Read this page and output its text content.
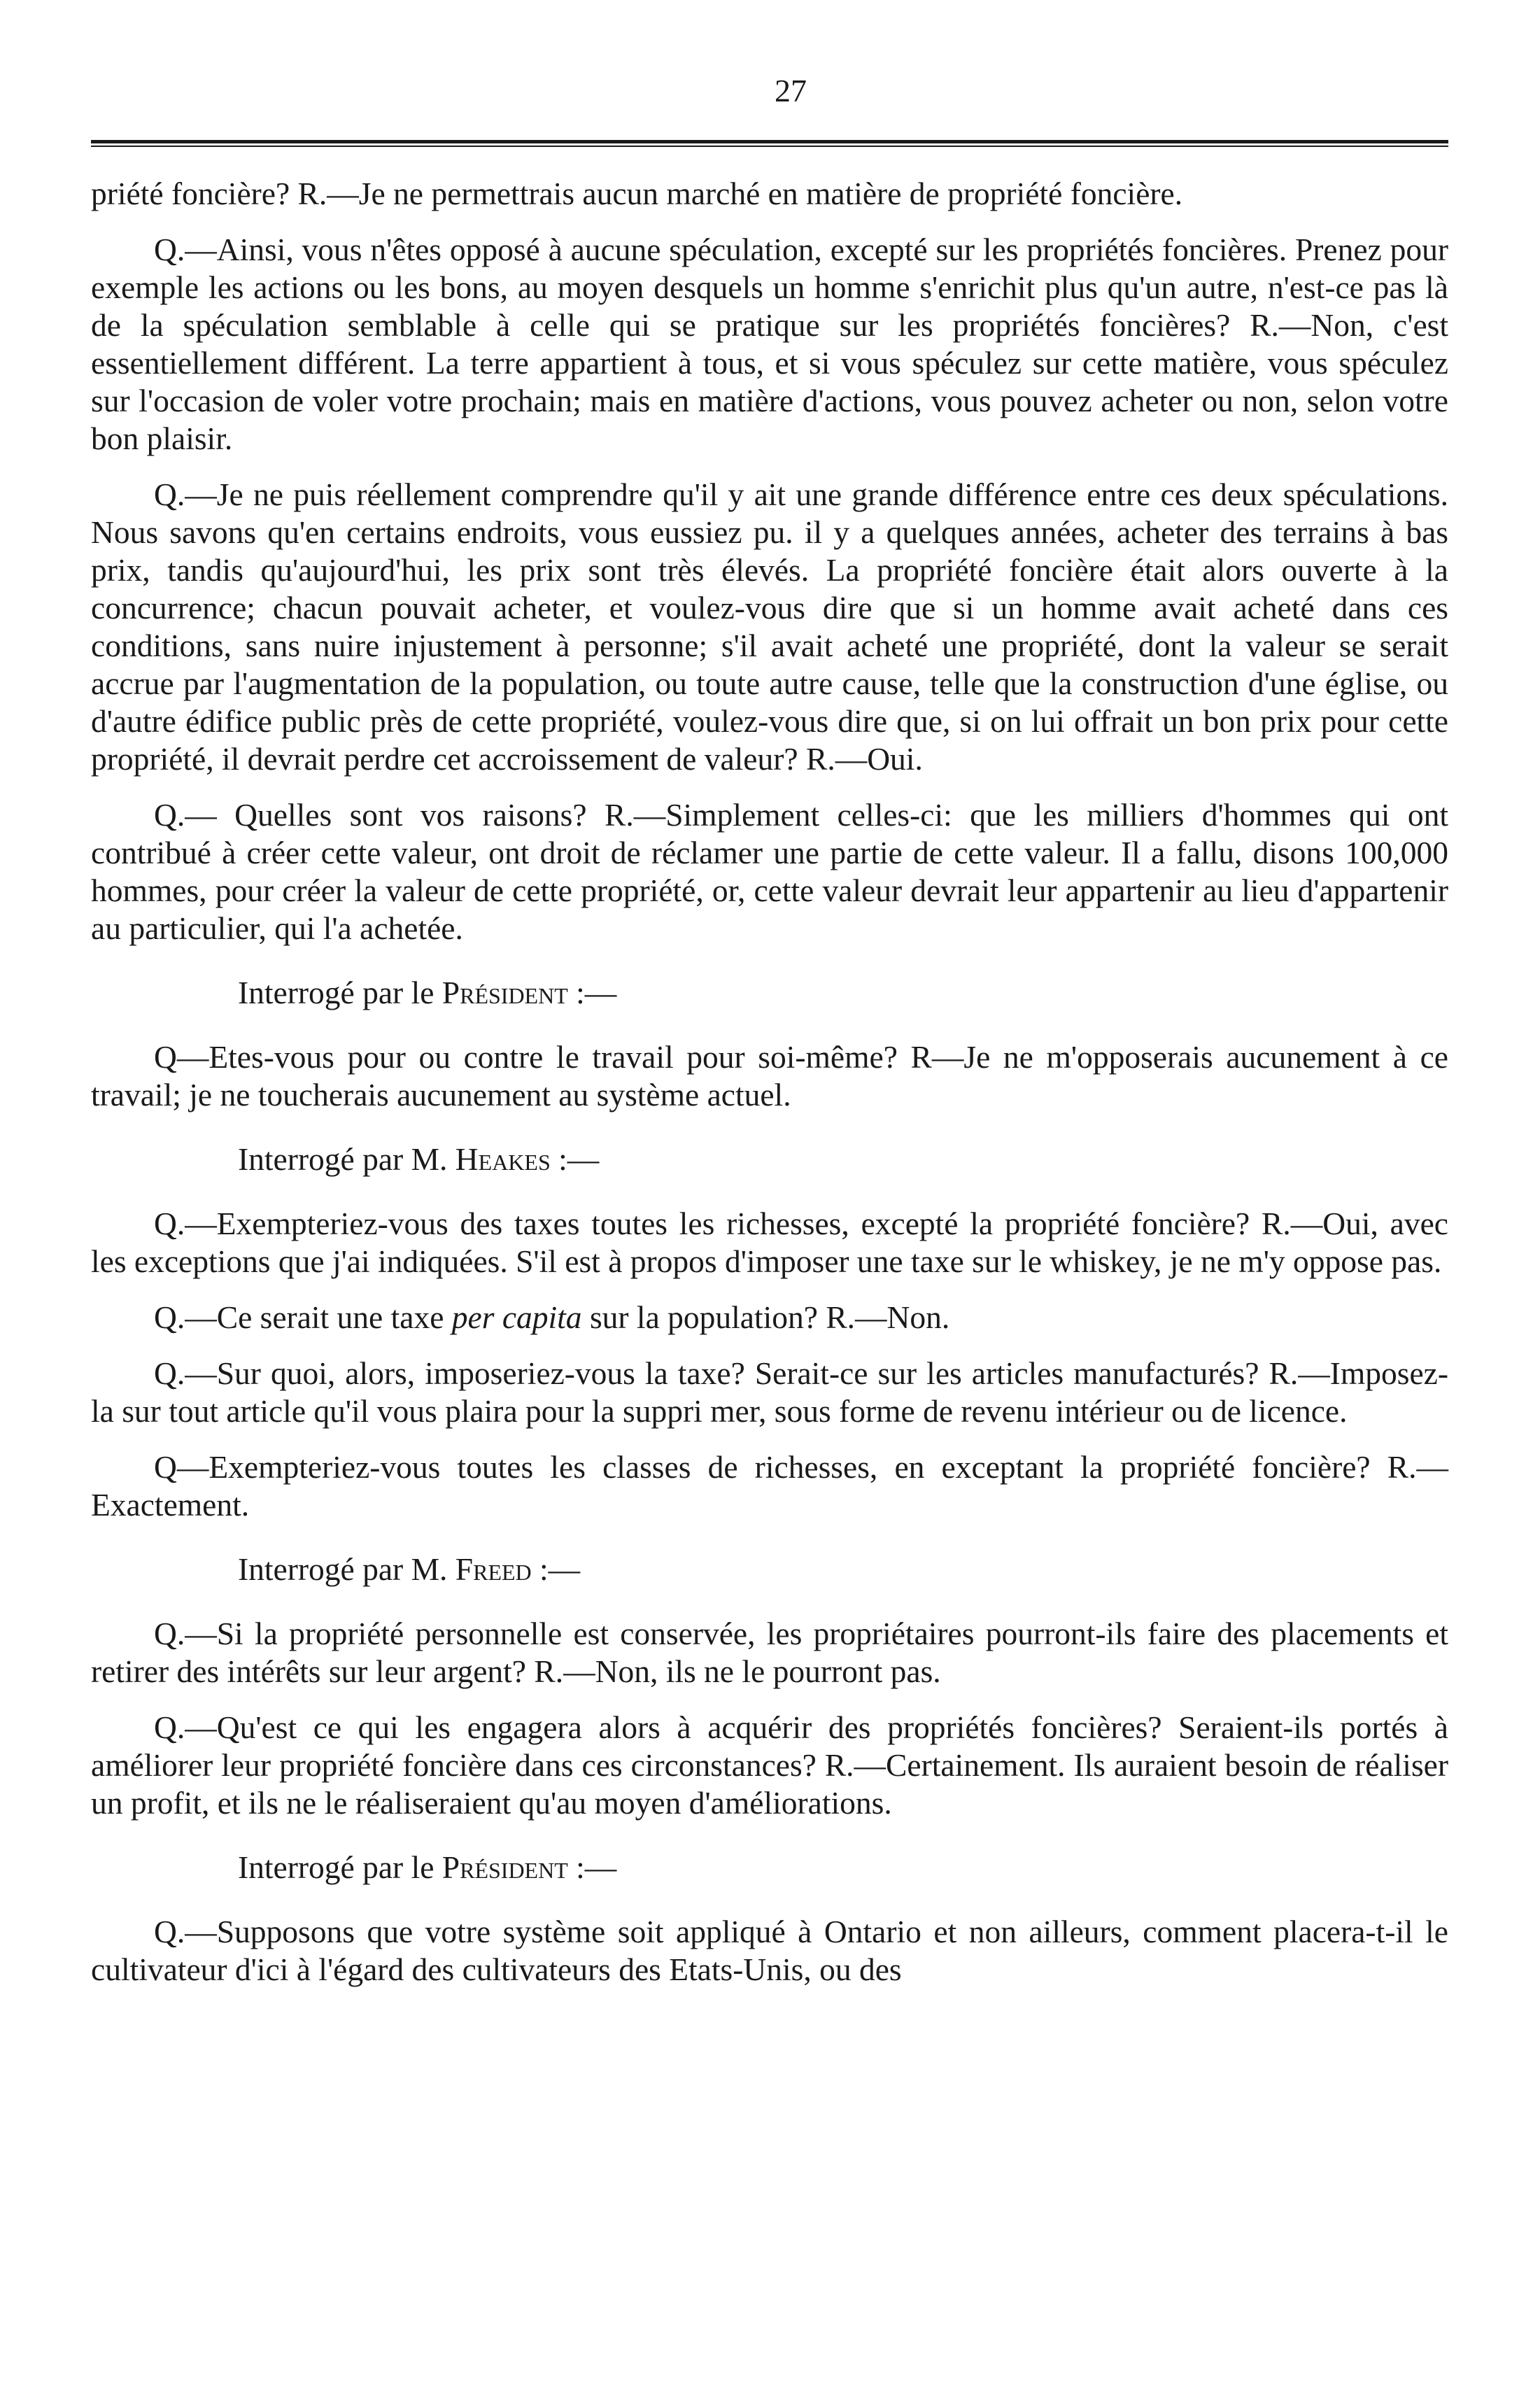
27

priété foncière? R.—Je ne permettrais aucun marché en matière de propriété foncière.

Q.—Ainsi, vous n'êtes opposé à aucune spéculation, excepté sur les propriétés foncières. Prenez pour exemple les actions ou les bons, au moyen desquels un homme s'enrichit plus qu'un autre, n'est-ce pas là de la spéculation semblable à celle qui se pratique sur les propriétés foncières? R.—Non, c'est essentiellement différent. La terre appartient à tous, et si vous spéculez sur cette matière, vous spéculez sur l'occasion de voler votre prochain; mais en matière d'actions, vous pouvez acheter ou non, selon votre bon plaisir.

Q.—Je ne puis réellement comprendre qu'il y ait une grande différence entre ces deux spéculations. Nous savons qu'en certains endroits, vous eussiez pu. il y a quelques années, acheter des terrains à bas prix, tandis qu'aujourd'hui, les prix sont très élevés. La propriété foncière était alors ouverte à la concurrence; chacun pouvait acheter, et voulez-vous dire que si un homme avait acheté dans ces conditions, sans nuire injustement à personne; s'il avait acheté une propriété, dont la valeur se serait accrue par l'augmentation de la population, ou toute autre cause, telle que la construction d'une église, ou d'autre édifice public près de cette propriété, voulez-vous dire que, si on lui offrait un bon prix pour cette propriété, il devrait perdre cet accroissement de valeur? R.—Oui.

Q.— Quelles sont vos raisons? R.—Simplement celles-ci: que les milliers d'hommes qui ont contribué à créer cette valeur, ont droit de réclamer une partie de cette valeur. Il a fallu, disons 100,000 hommes, pour créer la valeur de cette propriété, or, cette valeur devrait leur appartenir au lieu d'appartenir au particulier, qui l'a achetée.

Interrogé par le Président :—

Q—Etes-vous pour ou contre le travail pour soi-même? R—Je ne m'opposerais aucunement à ce travail; je ne toucherais aucunement au système actuel.

Interrogé par M. Heakes :—

Q.—Exempteriez-vous des taxes toutes les richesses, excepté la propriété foncière? R.—Oui, avec les exceptions que j'ai indiquées. S'il est à propos d'imposer une taxe sur le whiskey, je ne m'y oppose pas.

Q.—Ce serait une taxe per capita sur la population? R.—Non.

Q.—Sur quoi, alors, imposeriez-vous la taxe? Serait-ce sur les articles manufacturés? R.—Imposez-la sur tout article qu'il vous plaira pour la suppri mer, sous forme de revenu intérieur ou de licence.

Q—Exempteriez-vous toutes les classes de richesses, en exceptant la propriété foncière? R.—Exactement.

Interrogé par M. Freed :—

Q.—Si la propriété personnelle est conservée, les propriétaires pourront-ils faire des placements et retirer des intérêts sur leur argent? R.—Non, ils ne le pourront pas.

Q.—Qu'est ce qui les engagera alors à acquérir des propriétés foncières? Seraient-ils portés à améliorer leur propriété foncière dans ces circonstances? R.—Certainement. Ils auraient besoin de réaliser un profit, et ils ne le réaliseraient qu'au moyen d'améliorations.

Interrogé par le Président :—

Q.—Supposons que votre système soit appliqué à Ontario et non ailleurs, comment placera-t-il le cultivateur d'ici à l'égard des cultivateurs des Etats-Unis, ou des
